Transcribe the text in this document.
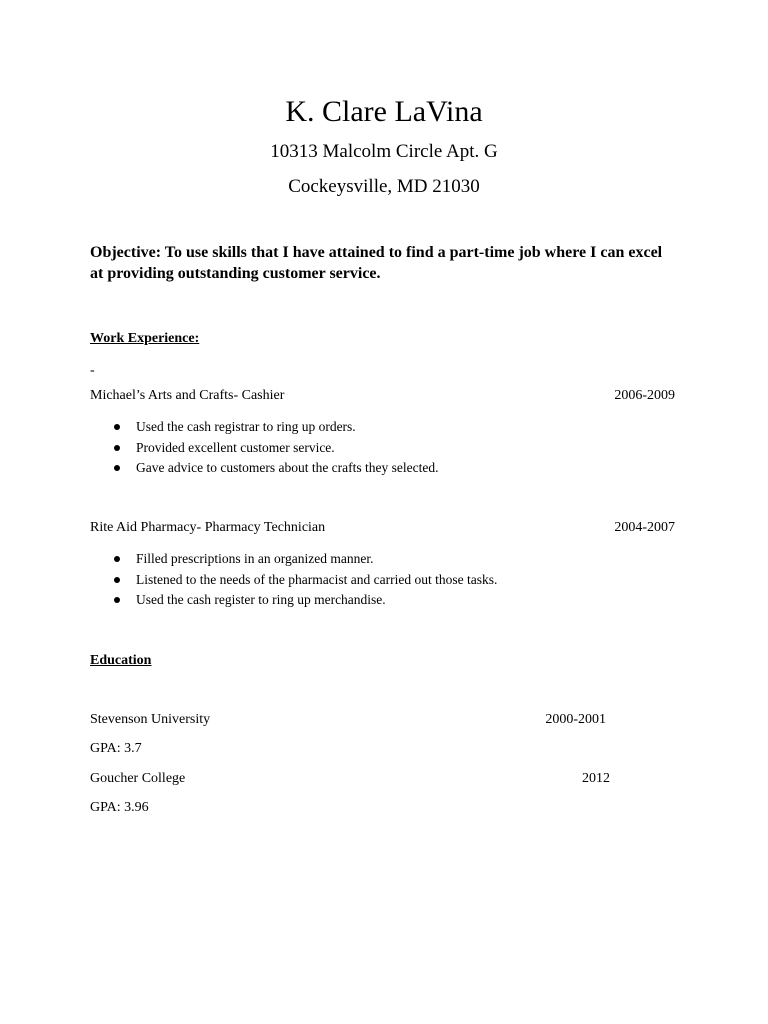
K. Clare LaVina
10313 Malcolm Circle Apt. G
Cockeysville, MD 21030
Objective: To use skills that I have attained to find a part-time job where I can excel at providing outstanding customer service.
Work Experience:
-
Michael’s Arts and Crafts- Cashier	2006-2009
Used the cash registrar to ring up orders.
Provided excellent customer service.
Gave advice to customers about the crafts they selected.
Rite Aid Pharmacy- Pharmacy Technician	2004-2007
Filled prescriptions in an organized manner.
Listened to the needs of the pharmacist and carried out those tasks.
Used the cash register to ring up merchandise.
Education
Stevenson University	2000-2001
GPA: 3.7
Goucher College	2012
GPA: 3.96
